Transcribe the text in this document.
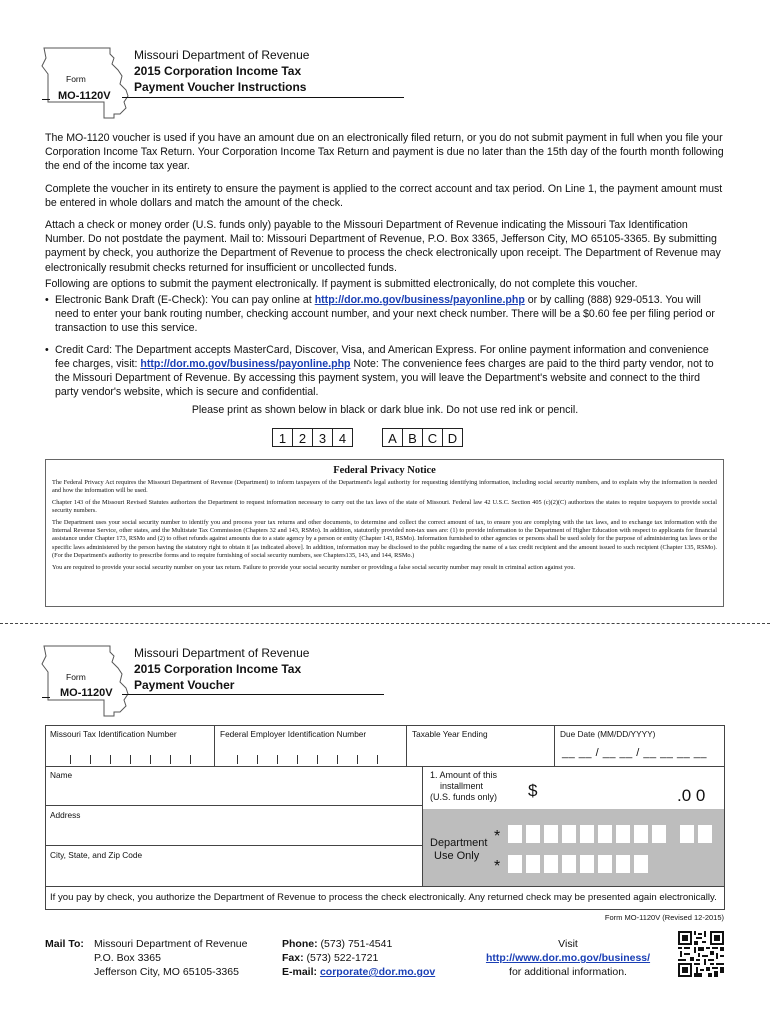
Form
MO-1120V
Missouri Department of Revenue
2015 Corporation Income Tax
Payment Voucher Instructions

The MO-1120 voucher is used if you have an amount due on an electronically filed return, or you do not submit payment in full when you file your Corporation Income Tax Return. Your Corporation Income Tax Return and payment is due no later than the 15th day of the fourth month following the end of the income tax year.

Complete the voucher in its entirety to ensure the payment is applied to the correct account and tax period. On Line 1, the payment amount must be entered in whole dollars and match the amount of the check.

Attach a check or money order (U.S. funds only) payable to the Missouri Department of Revenue indicating the Missouri Tax Identification Number. Do not postdate the payment. Mail to: Missouri Department of Revenue, P.O. Box 3365, Jefferson City, MO 65105-3365. By submitting payment by check, you authorize the Department of Revenue to process the check electronically upon receipt. The Department of Revenue may electronically resubmit checks returned for insufficient or uncollected funds.

Following are options to submit the payment electronically. If payment is submitted electronically, do not complete this voucher.

• Electronic Bank Draft (E-Check): You can pay online at http://dor.mo.gov/business/payonline.php or by calling (888) 929-0513. You will need to enter your bank routing number, checking account number, and your next check number. There will be a $0.60 fee per filing period or transaction to use this service.
• Credit Card: The Department accepts MasterCard, Discover, Visa, and American Express. For online payment information and convenience fee charges, visit: http://dor.mo.gov/business/payonline.php Note: The convenience fees charges are paid to the third party vendor, not to the Missouri Department of Revenue. By accessing this payment system, you will leave the Department's website and connect to the third party vendor's website, which is secure and confidential.
Please print as shown below in black or dark blue ink. Do not use red ink or pencil.
1 2 3 4	A B C D
Federal Privacy Notice

The Federal Privacy Act requires the Missouri Department of Revenue (Department) to inform taxpayers of the Department's legal authority for requesting identifying information, including social security numbers, and to explain why the information is needed and how the information will be used.

Chapter 143 of the Missouri Revised Statutes authorizes the Department to request information necessary to carry out the tax laws of the state of Missouri. Federal law 42 U.S.C. Section 405 (c)(2)(C) authorizes the states to require taxpayers to provide social security numbers.

The Department uses your social security number to identify you and process your tax returns and other documents, to determine and collect the correct amount of tax, to ensure you are complying with the tax laws, and to exchange tax information with the Internal Revenue Service, other states, and the Multistate Tax Commission (Chapters 32 and 143, RSMo). In addition, statutorily provided non-tax uses are: (1) to provide information to the Department of Higher Education with respect to applicants for financial assistance under Chapter 173, RSMo and (2) to offset refunds against amounts due to a state agency by a person or entity (Chapter 143, RSMo). Information furnished to other agencies or persons shall be used solely for the purpose of administering tax laws or the specific laws administered by the person having the statutory right to obtain it [as indicated above]. In addition, information may be disclosed to the public regarding the name of a tax credit recipient and the amount issued to such recipient (Chapter 135, RSMo). (For the Department's authority to prescribe forms and to require furnishing of social security numbers, see Chapters135, 143, and 144, RSMo.)

You are required to provide your social security number on your tax return. Failure to provide your social security number or providing a false social security number may result in criminal action against you.

Form
MO-1120V
Missouri Department of Revenue
2015 Corporation Income Tax
Payment Voucher
Missouri Tax Identification Number	Federal Employer Identification Number	Taxable Year Ending	Due Date (MM/DD/YYYY)
__ __ / __ __ / __ __ __ __
Name
Address
City, State, and Zip Code
1. Amount of this
installment
(U.S. funds only) $	.0 0
Department
Use Only
*
*
If you pay by check, you authorize the Department of Revenue to process the check electronically. Any returned check may be presented again electronically.
Form MO-1120V (Revised 12-2015)
Mail To: Missouri Department of Revenue
P.O. Box 3365
Jefferson City, MO 65105-3365
Phone: (573) 751-4541
Fax: (573) 522-1721
E-mail: corporate@dor.mo.gov
Visit
http://www.dor.mo.gov/business/
for additional information.
